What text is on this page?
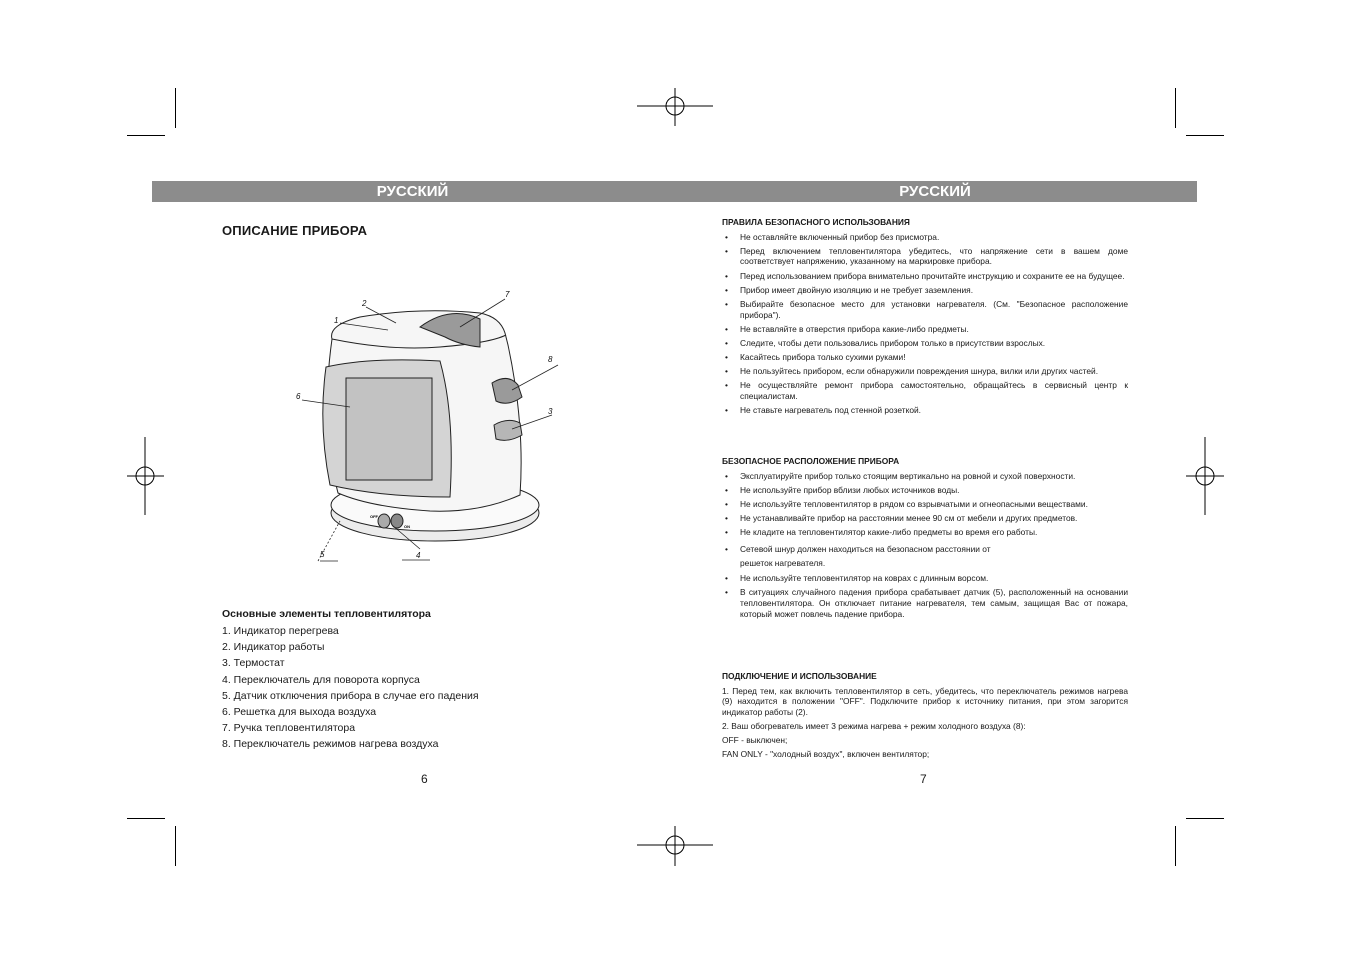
РУССКИЙ	РУССКИЙ
ОПИСАНИЕ ПРИБОРА
1
2
3
4
5
6
7
8
OFF
ON
Основные элементы тепловентилятора
1. Индикатор перегрева
2. Индикатор работы
3. Термостат
4. Переключатель для поворота корпуса
5. Датчик отключения прибора в случае его падения
6. Решетка для выхода воздуха
7. Ручка тепловентилятора
8. Переключатель режимов нагрева воздуха
6
ПРАВИЛА БЕЗОПАСНОГО ИСПОЛЬЗОВАНИЯ
• Не оставляйте включенный прибор без присмотра.
• Перед включением тепловентилятора убедитесь, что напряжение сети в вашем доме соответствует напряжению, указанному на маркировке прибора.
• Перед использованием прибора внимательно прочитайте инструкцию и сохраните ее на будущее.
• Прибор имеет двойную изоляцию и не требует заземления.
• Выбирайте безопасное место для установки нагревателя. (См. "Безопасное расположение прибора").
• Не вставляйте в отверстия прибора какие-либо предметы.
• Следите, чтобы дети пользовались прибором только в присутствии взрослых.
• Касайтесь прибора только сухими руками!
• Не пользуйтесь прибором, если обнаружили повреждения шнура, вилки или других частей.
• Не осуществляйте ремонт прибора самостоятельно, обращайтесь в сервисный центр к специалистам.
• Не ставьте нагреватель под стенной розеткой.
БЕЗОПАСНОЕ РАСПОЛОЖЕНИЕ ПРИБОРА
• Эксплуатируйте прибор только стоящим вертикально на ровной и сухой поверхности.
• Не используйте прибор вблизи любых источников воды.
• Не используйте тепловентилятор в рядом со взрывчатыми и огнеопасными веществами.
• Не устанавливайте прибор на расстоянии менее 90 см от мебели и других предметов.
• Не кладите на тепловентилятор какие-либо предметы во время его работы.
• Сетевой шнур должен находиться на безопасном расстоянии от
решеток нагревателя.
• Не используйте тепловентилятор на коврах с длинным ворсом.
• В ситуациях случайного падения прибора срабатывает датчик (5), расположенный на основании тепловентилятора. Он отключает питание нагревателя, тем самым, защищая Вас от пожара, который может повлечь падение прибора.
ПОДКЛЮЧЕНИЕ И ИСПОЛЬЗОВАНИЕ

1. Перед тем, как включить тепловентилятор в сеть, убедитесь, что переключатель режимов нагрева (9) находится в положении "OFF". Подключите прибор к источнику питания, при этом загорится индикатор работы (2).

2. Ваш обогреватель имеет 3 режима нагрева + режим холодного воздуха (8):

OFF - выключен;

FAN ONLY - "холодный воздух", включен вентилятор;

7
